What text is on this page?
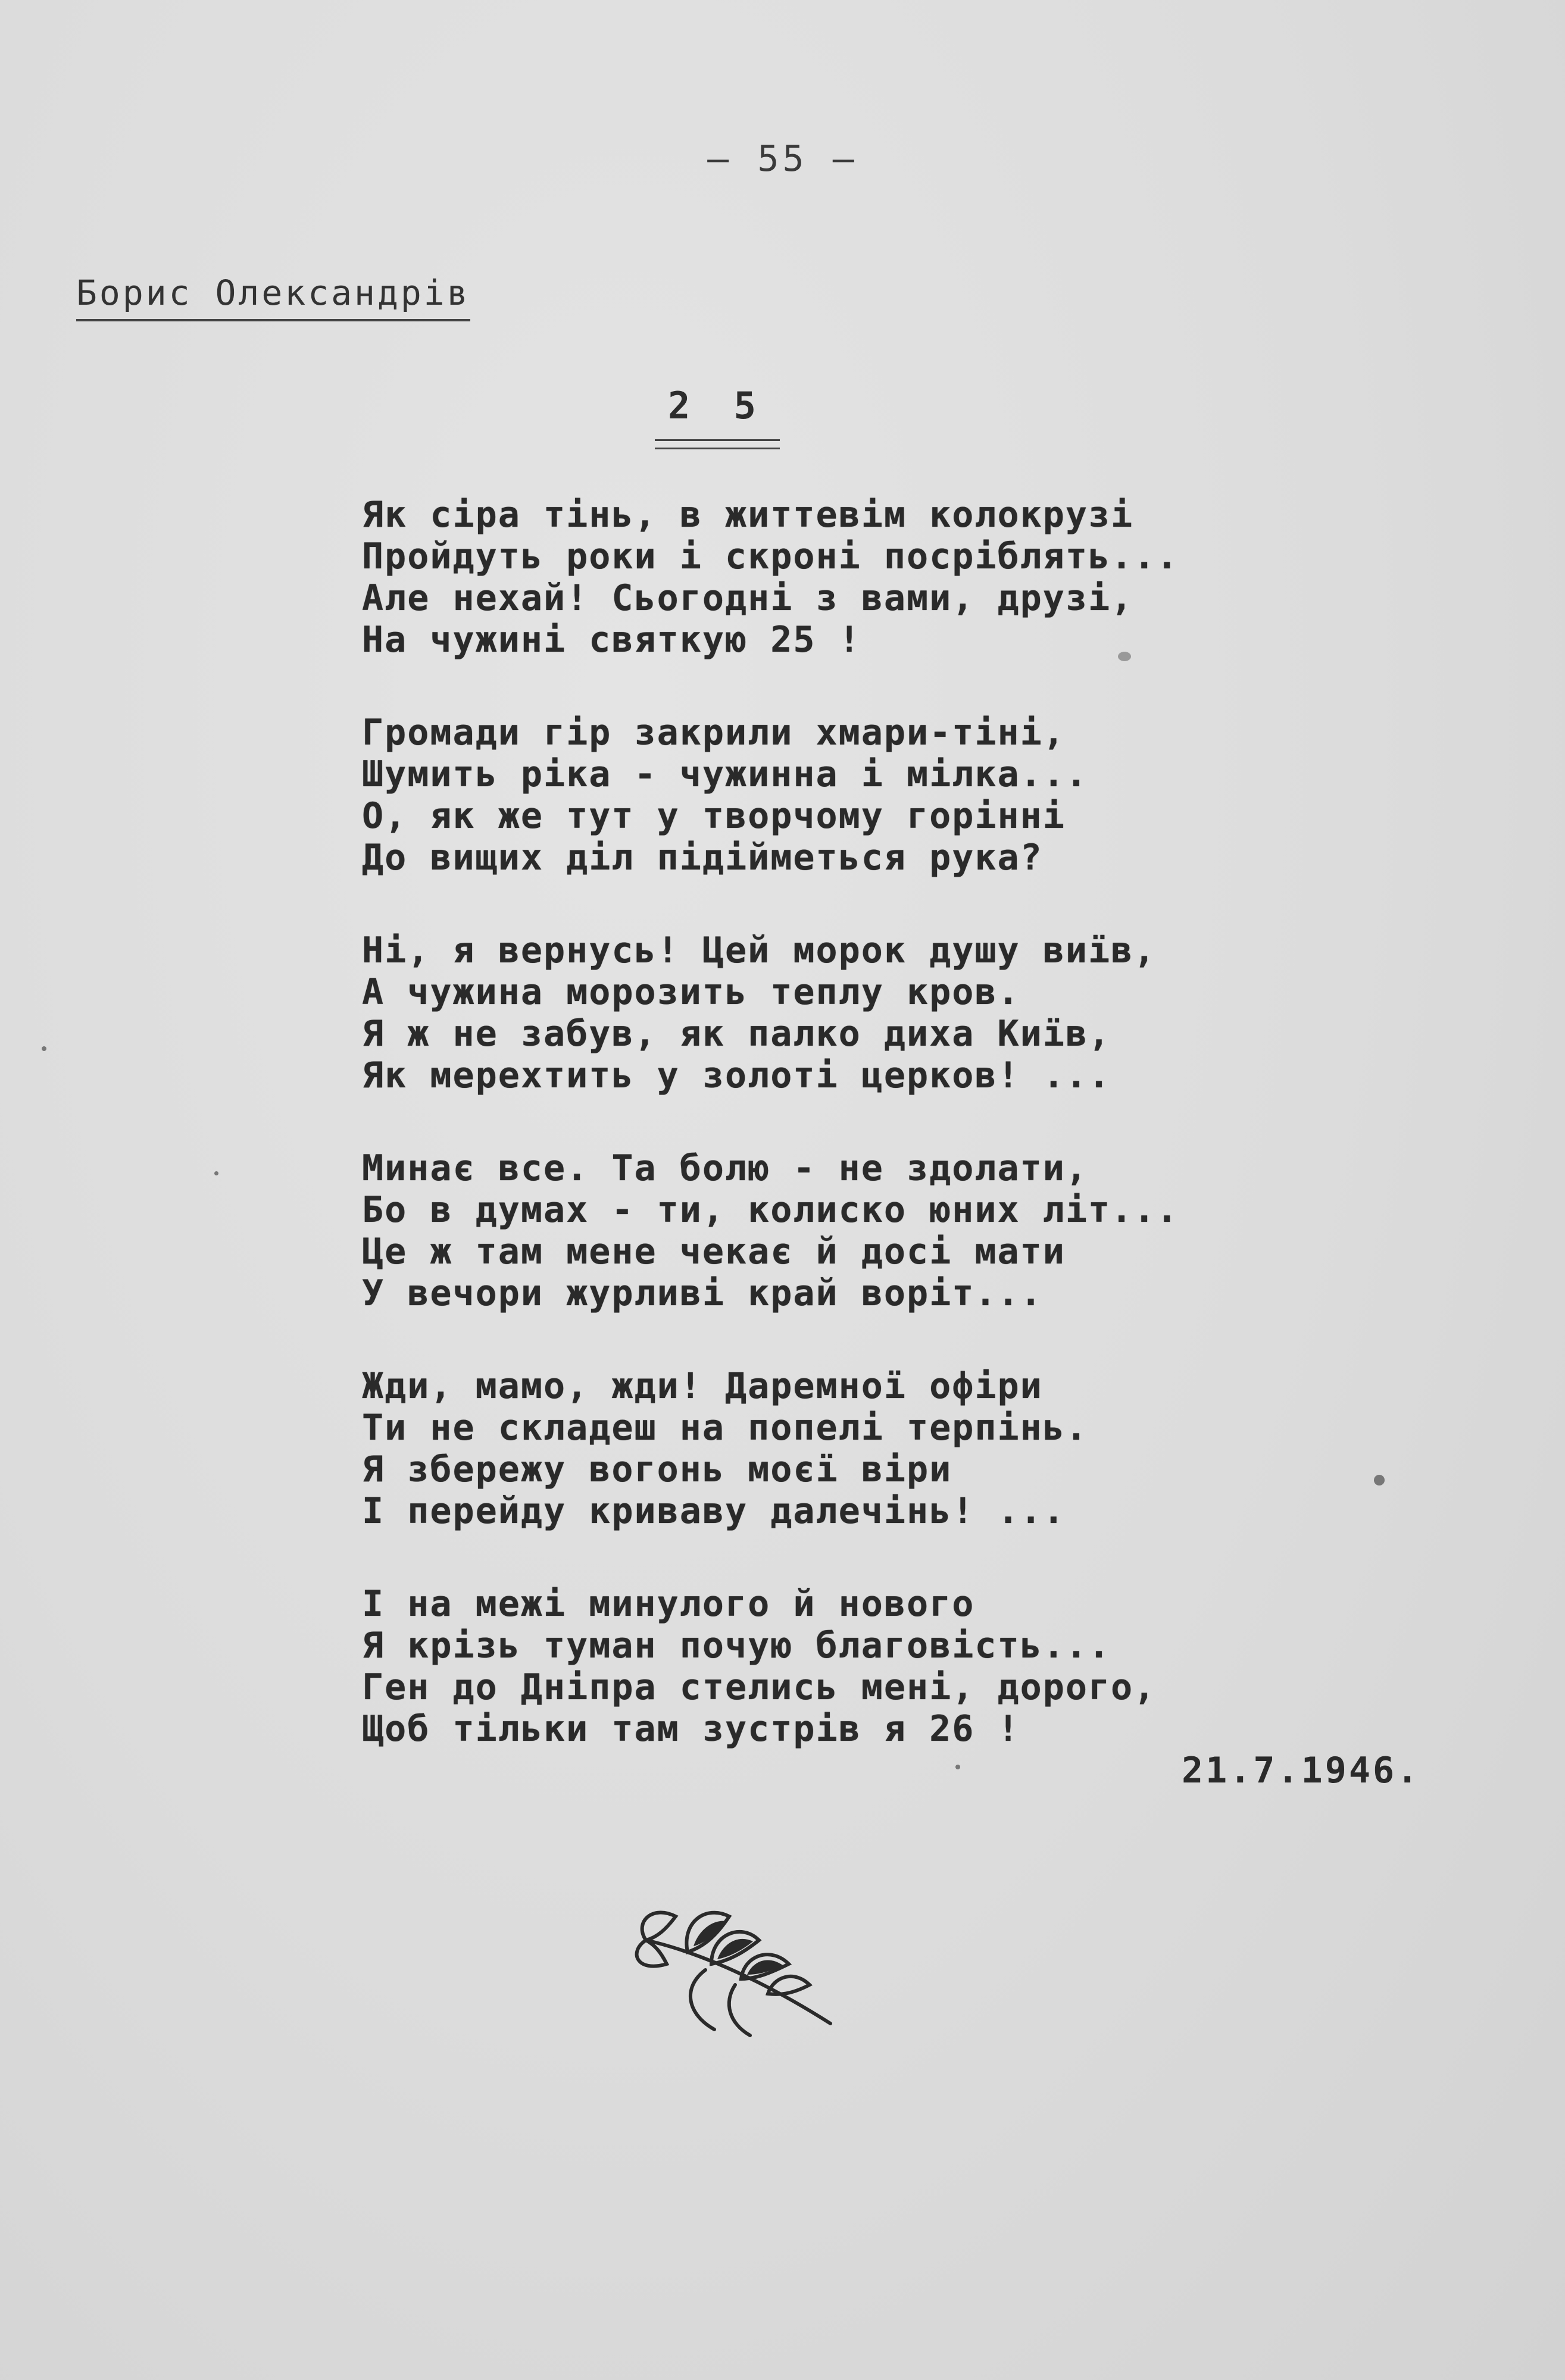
– 55 –
Борис Олександрів
2 5
Як сіра тінь, в життевім колокрузі
Пройдуть роки і скроні посріблять...
Але нехай! Сьогодні з вами, друзі,
На чужині святкую 25 !
Громади гір закрили хмари-тіні,
Шумить ріка - чужинна і мілка...
О, як же тут у творчому горінні
До вищих діл підійметься рука?
Ні, я вернусь! Цей морок душу виїв,
А чужина морозить теплу кров.
Я ж не забув, як палко диха Київ,
Як мерехтить у золоті церков! ...
Минає все. Та болю - не здолати,
Бо в думах - ти, колиско юних літ...
Це ж там мене чекає й досі мати
У вечори журливі край воріт...
Жди, мамо, жди! Даремної офіри
Ти не складеш на попелі терпінь.
Я збережу вогонь моєї віри
І перейду криваву далечінь! ...
І на межі минулого й нового
Я крізь туман почую благовість...
Ген до Дніпра стелись мені, дорого,
Щоб тільки там зустрів я 26 !
21.7.1946.
